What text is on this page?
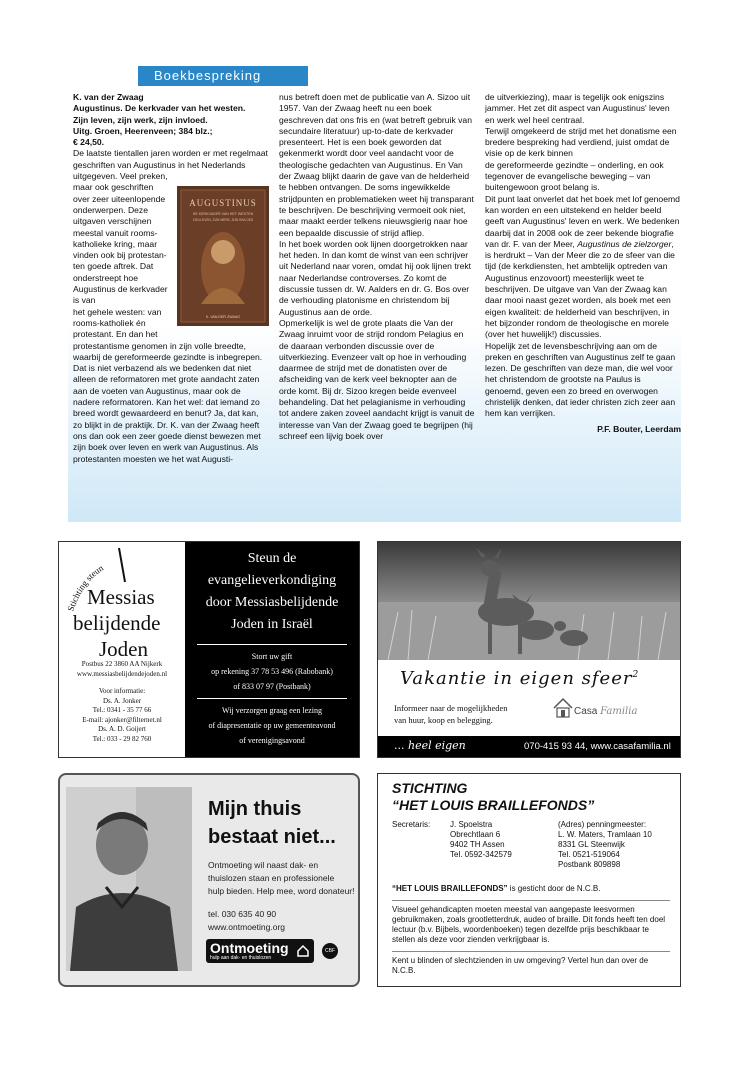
Boekbespreking

K. van der Zwaag

Augustinus. De kerkvader van het westen.

Zijn leven, zijn werk, zijn invloed.

Uitg. Groen, Heerenveen; 384 blz.;

€ 24,50.

De laatste tientallen jaren worden er met regelmaat geschriften van Augustinus in het Nederlands uitgegeven. Veel preken,

AUGUSTINUS
DE KERKVADER VAN HET WESTEN
ZIJN LEVEN, ZIJN WERK, ZIJN INVLOED
K. VAN DER ZWAAG

maar ook geschriften over zeer uiteenlopende onderwerpen. Deze uitgaven verschijnen meestal vanuit rooms-katholieke kring, maar vinden ook bij protestanten goede aftrek. Dat onderstreept hoe Augustinus de kerkvader is van

het gehele westen: van rooms-katholiek én protestant. En dan het protestantisme genomen in zijn volle breedte, waarbij de gereformeerde gezindte is inbegrepen. Dat is niet verbazend als we bedenken dat niet alleen de reformatoren met grote aandacht zaten aan de voeten van Augustinus, maar ook de nadere reformatoren. Kan het wel: dat iemand zo breed wordt gewaardeerd en benut? Ja, dat kan, zo blijkt in de praktijk. Dr. K. van der Zwaag heeft ons dan ook een zeer goede dienst bewezen met zijn boek over leven en werk van Augustinus. Als protestanten moesten we het wat Augusti-

nus betreft doen met de publicatie van A. Sizoo uit 1957. Van der Zwaag heeft nu een boek geschreven dat ons fris en (wat betreft gebruik van secundaire literatuur) up-to-date de kerkvader presenteert. Het is een boek geworden dat gekenmerkt wordt door veel aandacht voor de theologische gedachten van Augustinus. En Van der Zwaag blijkt daarin de gave van de helderheid te hebben ontvangen. De soms ingewikkelde strijdpunten en problematieken weet hij transparant te beschrijven. De beschrijving vermoeit ook niet, maar maakt eerder telkens nieuwsgierig naar hoe een bepaalde discussie of strijd afliep.

In het boek worden ook lijnen doorgetrokken naar het heden. In dan komt de winst van een schrijver uit Nederland naar voren, omdat hij ook lijnen trekt naar Nederlandse controverses. Zo komt de discussie tussen dr. W. Aalders en dr. G. Bos over de verhouding platonisme en christendom bij Augustinus aan de orde.

Opmerkelijk is wel de grote plaats die Van der Zwaag inruimt voor de strijd rondom Pelagius en de daaraan verbonden discussie over de uitverkiezing. Evenzeer valt op hoe in verhouding daarmee de strijd met de donatisten over de afscheiding van de kerk veel beknopter aan de orde komt. Bij dr. Sizoo kregen beide evenveel behandeling. Dat het pelagianisme in verhouding tot andere zaken zoveel aandacht krijgt is vanuit de interesse van Van der Zwaag goed te begrijpen (hij schreef een lijvig boek over

de uitverkiezing), maar is tegelijk ook enigszins jammer. Het zet dit aspect van Augustinus' leven en werk wel heel centraal.

Terwijl omgekeerd de strijd met het donatisme een bredere bespreking had verdiend, juist omdat de visie op de kerk binnen

de gereformeerde gezindte – onderling, en ook tegenover de evangelische beweging – van buitengewoon groot belang is.

Dit punt laat onverlet dat het boek met lof genoemd kan worden en een uitstekend en helder beeld geeft van Augustinus' leven en werk. We bedenken daarbij dat in 2008 ook de zeer bekende biografie van dr. F. van der Meer, Augustinus de zielzorger, is herdrukt – Van der Meer die zo de sfeer van die tijd (de kerkdiensten, het ambtelijk optreden van Augustinus enzovoort) meesterlijk weet te beschrijven. De uitgave van Van der Zwaag kan daar mooi naast gezet worden, als boek met een eigen kwaliteit: de helderheid van beschrijven, in het bijzonder rondom de theologische en morele (over het huwelijk!) discussies.

Hopelijk zet de levensbeschrijving aan om de preken en geschriften van Augustinus zelf te gaan lezen. De geschriften van deze man, die wel voor het christendom de grootste na Paulus is genoemd, geven een zo breed en overwogen christelijk denken, dat ieder christen zich zeer aan hem kan verrijken.

P.F. Bouter, Leerdam

Stichting steun
Messias
belijdende
Joden
Postbus 22 3860 AA Nijkerk
www.messiasbelijdendejoden.nl
Voor informatie:
Ds. A. Jonker
Tel.: 0341 - 35 77 66
E-mail: ajonker@filternet.nl
Ds. A. D. Goijert
Tel.: 033 - 29 82 760
Steun de
evangelieverkondiging
door Messiasbelijdende
Joden in Israël
Stort uw gift
op rekening 37 78 53 496 (Rabobank)
of 833 07 97 (Postbank)
Wij verzorgen graag een lezing
of diapresentatie op uw gemeenteavond
of verenigingsavond
Vakantie in eigen sfeer$^2$
Informeer naar de mogelijkheden
van huur, koop en belegging.
Casa Familia
... heel eigen	070-415 93 44, www.casafamilia.nl
Mijn thuis
bestaat niet...
Ontmoeting wil naast dak- en
thuislozen staan en professionele
hulp bieden. Help mee, word donateur!
tel. 030 635 40 90
www.ontmoeting.org
Ontmoeting
hulp aan dak- en thuislozen
CBF
STICHTING
“HET LOUIS BRAILLEFONDS”
Secretaris: J. Spoelstra
Obrechtlaan 6
9402 TH Assen
Tel. 0592-342579
(Adres) penningmeester:
L. W. Maters, Tramlaan 10
8331 GL Steenwijk
Tel. 0521-519064
Postbank 809898
“HET LOUIS BRAILLEFONDS” is gesticht door de N.C.B.
Visueel gehandicapten moeten meestal van aangepaste leesvormen gebruikmaken, zoals grootletterdruk, audeo of braille. Dit fonds heeft ten doel lectuur (b.v. Bijbels, woordenboeken) tegen dezelfde prijs beschikbaar te stellen als deze voor zienden verkrijgbaar is.
Kent u blinden of slechtzienden in uw omgeving? Vertel hun dan over de N.C.B.
